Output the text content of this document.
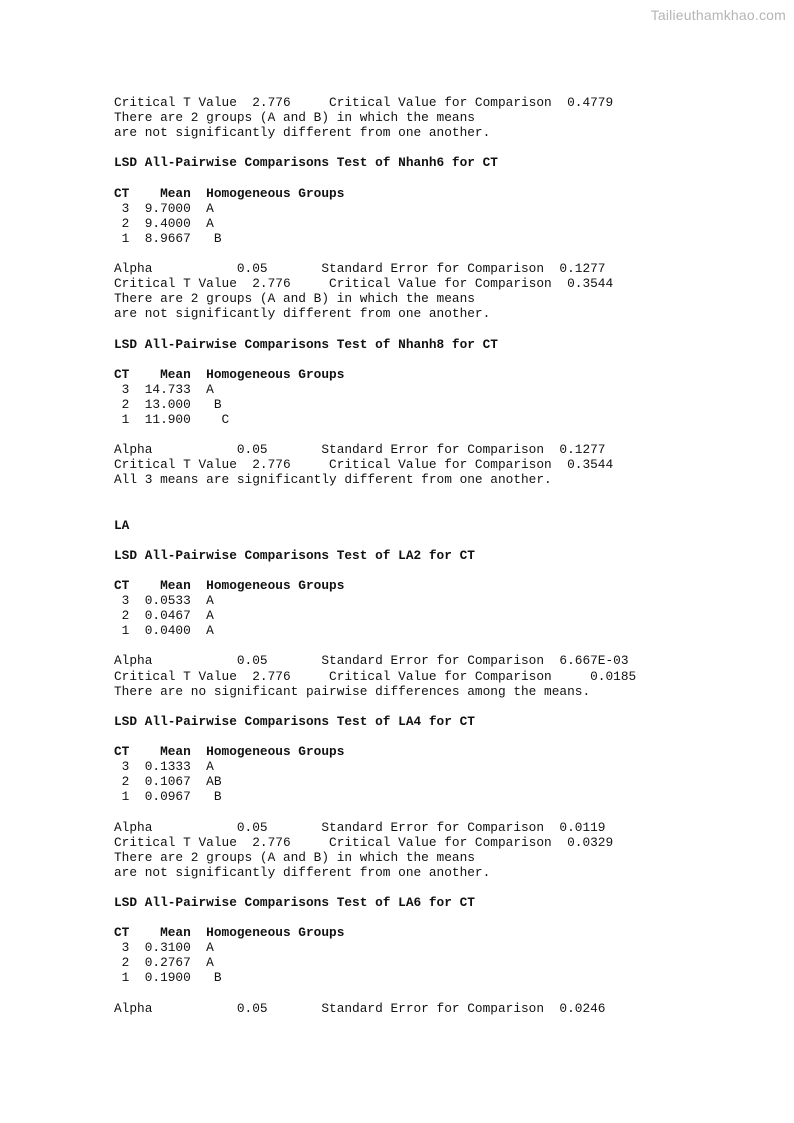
Tailieuthamkhao.com
Critical T Value  2.776     Critical Value for Comparison  0.4779
There are 2 groups (A and B) in which the means
are not significantly different from one another.
LSD All-Pairwise Comparisons Test of Nhanh6 for CT
CT    Mean  Homogeneous Groups
3  9.7000  A
2  9.4000  A
1  8.9667   B
Alpha           0.05       Standard Error for Comparison  0.1277
Critical T Value  2.776     Critical Value for Comparison  0.3544
There are 2 groups (A and B) in which the means
are not significantly different from one another.
LSD All-Pairwise Comparisons Test of Nhanh8 for CT
CT    Mean  Homogeneous Groups
3  14.733  A
2  13.000   B
1  11.900    C
Alpha           0.05       Standard Error for Comparison  0.1277
Critical T Value  2.776     Critical Value for Comparison  0.3544
All 3 means are significantly different from one another.
LA
LSD All-Pairwise Comparisons Test of LA2 for CT
CT    Mean  Homogeneous Groups
3  0.0533  A
2  0.0467  A
1  0.0400  A
Alpha           0.05       Standard Error for Comparison  6.667E-03
Critical T Value  2.776     Critical Value for Comparison     0.0185
There are no significant pairwise differences among the means.
LSD All-Pairwise Comparisons Test of LA4 for CT
CT    Mean  Homogeneous Groups
3  0.1333  A
2  0.1067  AB
1  0.0967   B
Alpha           0.05       Standard Error for Comparison  0.0119
Critical T Value  2.776     Critical Value for Comparison  0.0329
There are 2 groups (A and B) in which the means
are not significantly different from one another.
LSD All-Pairwise Comparisons Test of LA6 for CT
CT    Mean  Homogeneous Groups
3  0.3100  A
2  0.2767  A
1  0.1900   B
Alpha           0.05       Standard Error for Comparison  0.0246
